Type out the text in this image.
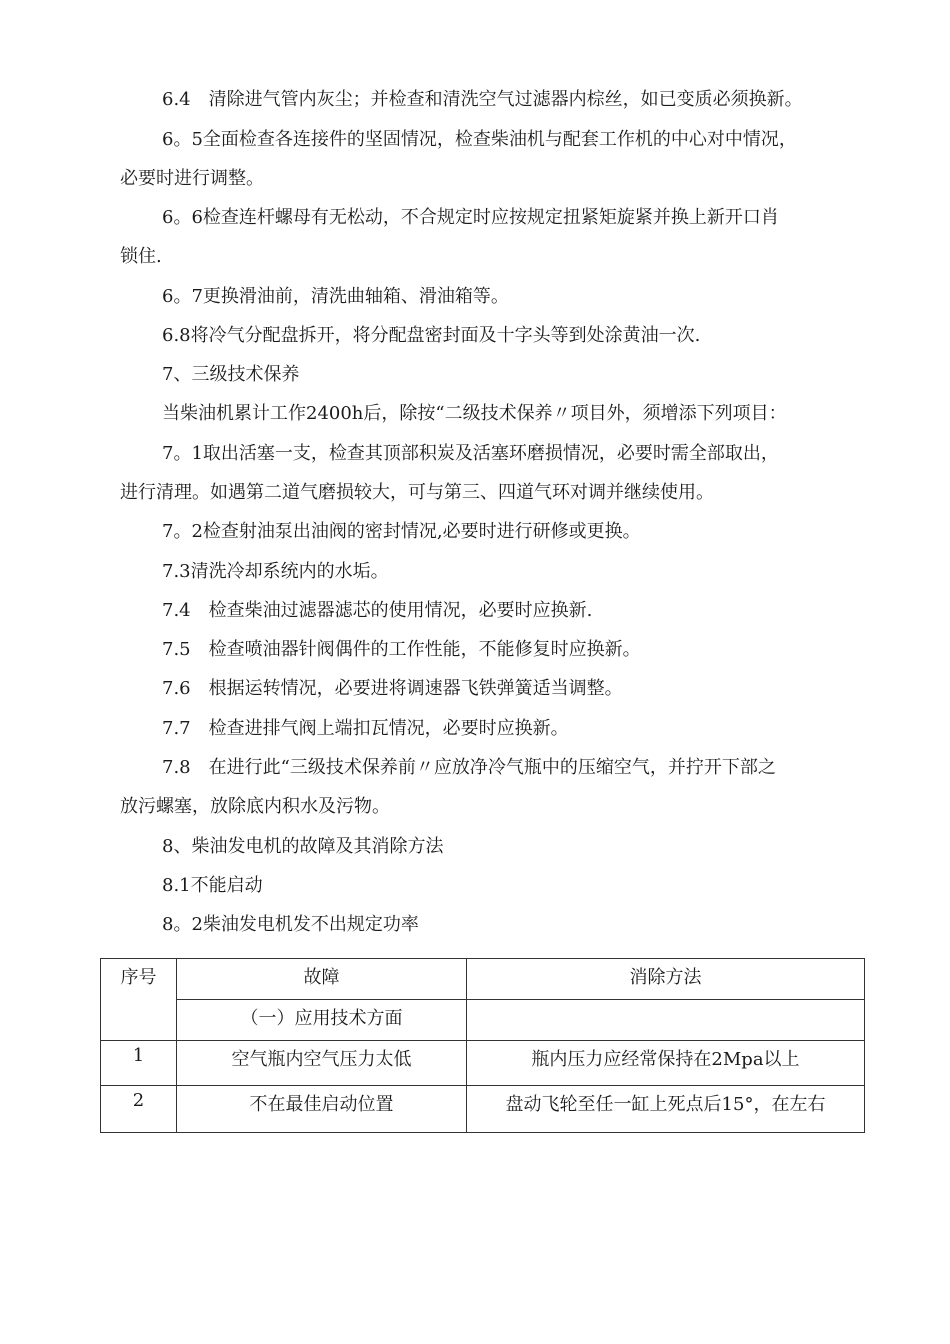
6.4　清除进气管内灰尘；并检查和清洗空气过滤器内棕丝，如已变质必须换新。
6。5全面检查各连接件的坚固情况，检查柴油机与配套工作机的中心对中情况，
必要时进行调整。
6。6检查连杆螺母有无松动，不合规定时应按规定扭紧矩旋紧并换上新开口肖
锁住.
6。7更换滑油前，清洗曲轴箱、滑油箱等。
6.8将冷气分配盘拆开，将分配盘密封面及十字头等到处涂黄油一次.
7、三级技术保养
当柴油机累计工作2400h后，除按“二级技术保养〃项目外，须增添下列项目：
7。1取出活塞一支，检查其顶部积炭及活塞环磨损情况，必要时需全部取出，
进行清理。如遇第二道气磨损较大，可与第三、四道气环对调并继续使用。
7。2检查射油泵出油阀的密封情况,必要时进行研修或更换。
7.3清洗冷却系统内的水垢。
7.4　检查柴油过滤器滤芯的使用情况，必要时应换新.
7.5　检查喷油器针阀偶件的工作性能，不能修复时应换新。
7.6　根据运转情况，必要进将调速器飞铁弹簧适当调整。
7.7　检查进排气阀上端扣瓦情况，必要时应换新。
7.8　在进行此“三级技术保养前〃应放净冷气瓶中的压缩空气，并拧开下部之
放污螺塞，放除底内积水及污物。
8、柴油发电机的故障及其消除方法
8.1不能启动
8。2柴油发电机发不出规定功率
序号	故障	消除方法
	（一）应用技术方面	
1	空气瓶内空气压力太低	瓶内压力应经常保持在2Mpa以上
2	不在最佳启动位置	盘动飞轮至任一缸上死点后15°，在左右
